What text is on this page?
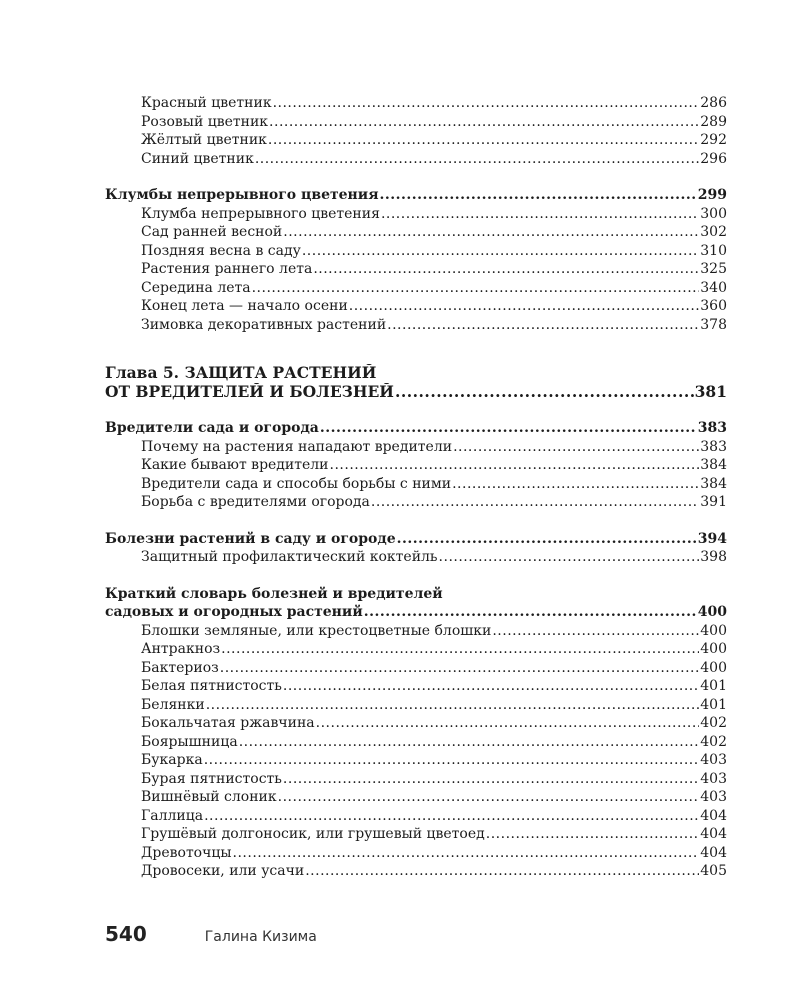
Красный цветник .....	286
Розовый цветник .....	289
Жёлтый цветник .....	292
Синий цветник .....	296
Клумбы непрерывного цветения .....	299
Клумба непрерывного цветения .....	300
Сад ранней весной .....	302
Поздняя весна в саду .....	310
Растения раннего лета .....	325
Середина лета .....	340
Конец лета — начало осени .....	360
Зимовка декоративных растений .....	378
Глава 5. ЗАЩИТА РАСТЕНИЙ
ОТ ВРЕДИТЕЛЕЙ И БОЛЕЗНЕЙ .....	381
Вредители сада и огорода .....	383
Почему на растения нападают вредители .....	383
Какие бывают вредители .....	384
Вредители сада и способы борьбы с ними .....	384
Борьба с вредителями огорода .....	391
Болезни растений в саду и огороде .....	394
Защитный профилактический коктейль .....	398
Краткий словарь болезней и вредителей
садовых и огородных растений .....	400
Блошки земляные, или крестоцветные блошки .....	400
Антракноз .....	400
Бактериоз .....	400
Белая пятнистость .....	401
Белянки .....	401
Бокальчатая ржавчина .....	402
Боярышница .....	402
Букарка .....	403
Бурая пятнистость .....	403
Вишнёвый слоник .....	403
Галлица .....	404
Грушёвый долгоносик, или грушевый цветоед .....	404
Древоточцы .....	404
Дровосеки, или усачи .....	405
540	Галина Кизима
